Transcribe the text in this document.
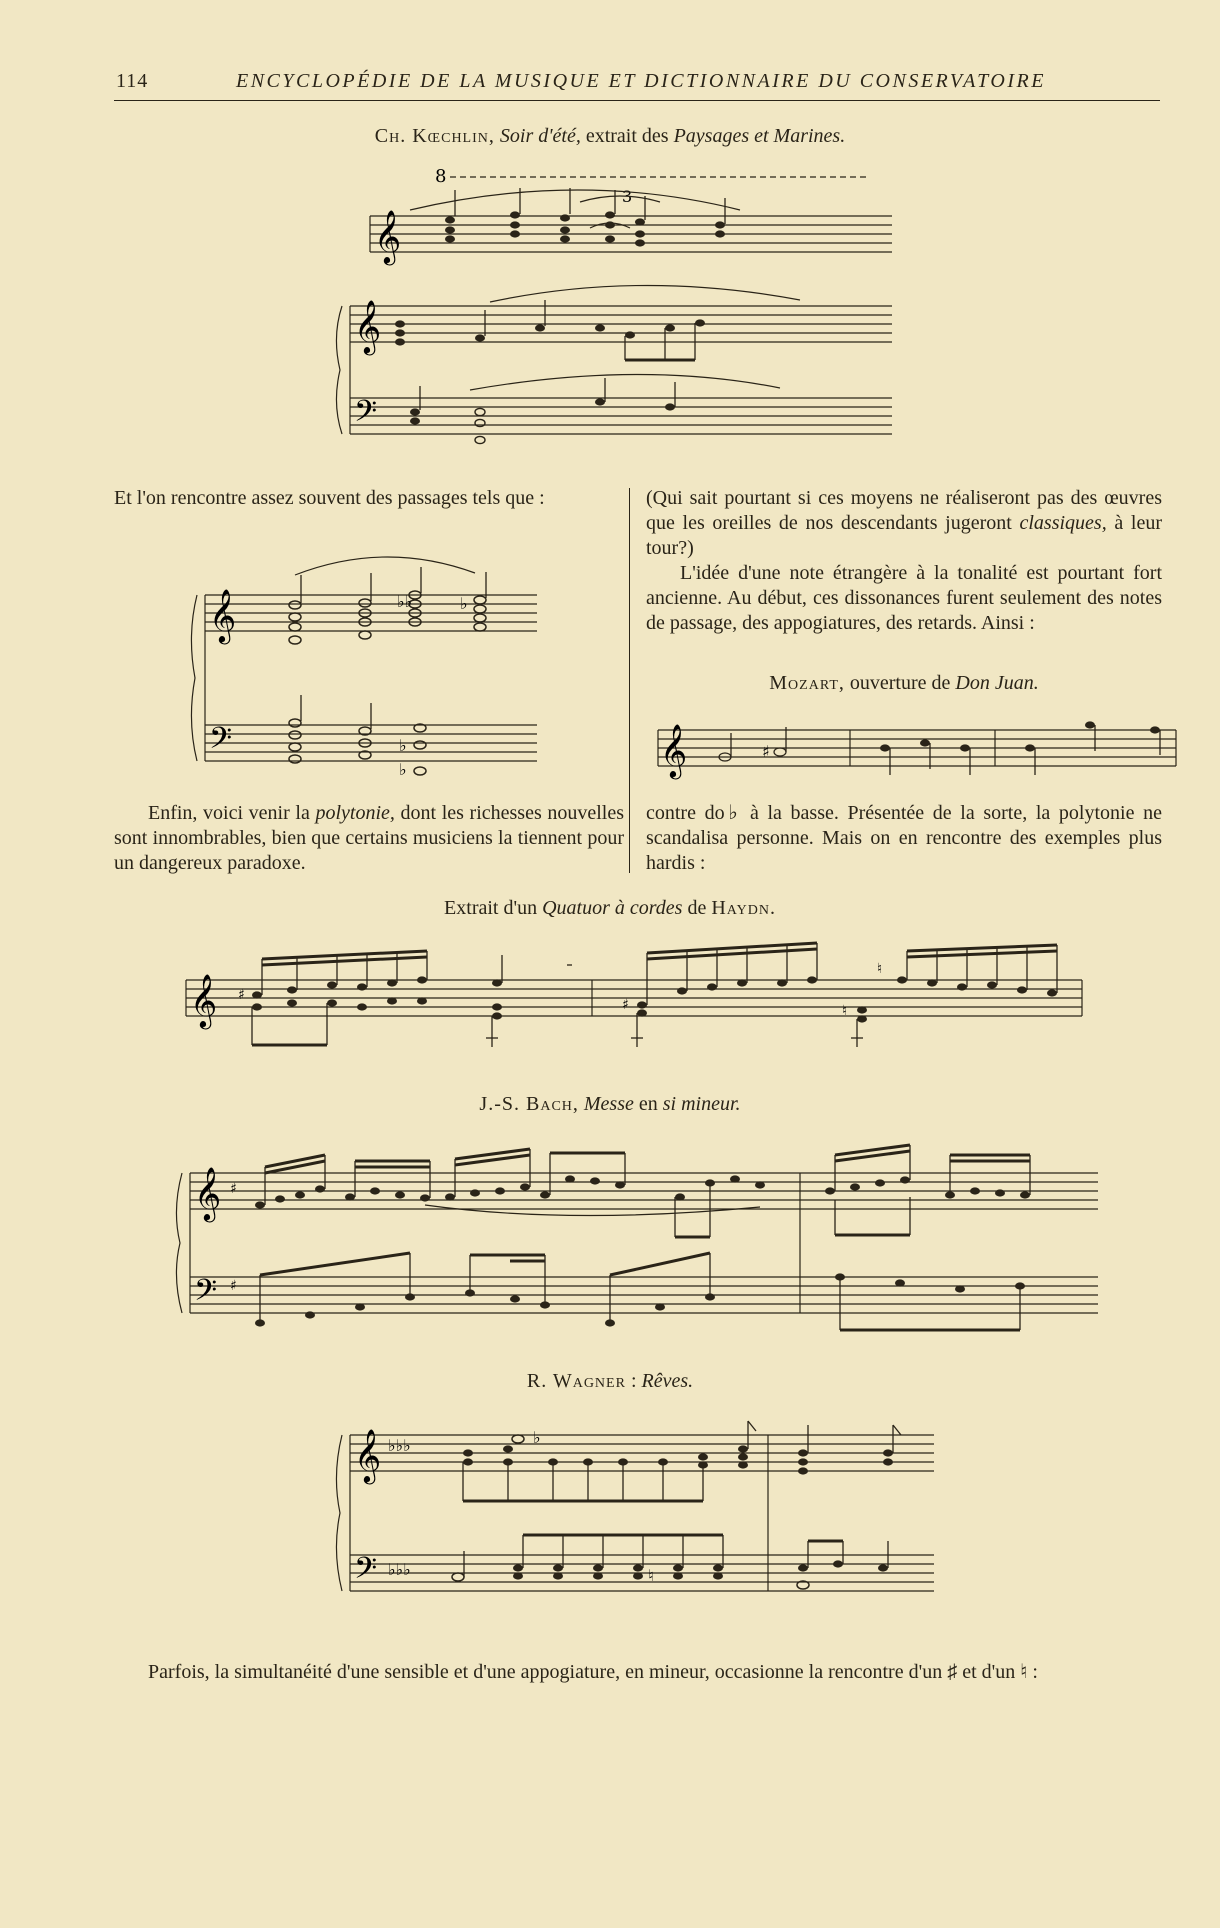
114	ENCYCLOPÉDIE DE LA MUSIQUE ET DICTIONNAIRE DU CONSERVATOIRE
Ch. Kœchlin, Soir d'été, extrait des Paysages et Marines.
8
3
𝄞
𝄞
𝄢
Et l'on rencontre assez souvent des passages tels que :
𝄞
𝄢
♭♭	♭
♭
♭
Enfin, voici venir la polytonie, dont les richesses nouvelles sont innombrables, bien que certains musiciens la tiennent pour un dangereux paradoxe.
(Qui sait pourtant si ces moyens ne réaliseront pas des œuvres que les oreilles de nos descendants jugeront classiques, à leur tour?)
L'idée d'une note étrangère à la tonalité est pourtant fort ancienne. Au début, ces dissonances furent seulement des notes de passage, des appogiatures, des retards. Ainsi :
Mozart, ouverture de Don Juan.
𝄞	♯
contre do♭ à la basse. Présentée de la sorte, la polytonie ne scandalisa personne. Mais on en rencontre des exemples plus hardis :
Extrait d'un Quatuor à cordes de Haydn.
𝄞 ♯
♯	♮
♮
J.-S. Bach, Messe en si mineur.
𝄞 ♯
𝄢 ♯
R. Wagner : Rêves.
𝄞 ♭♭♭
𝄢 ♭♭♭
♭
♮
Parfois, la simultanéité d'une sensible et d'une appogiature, en mineur, occasionne la rencontre d'un ♯ et d'un ♮ :
